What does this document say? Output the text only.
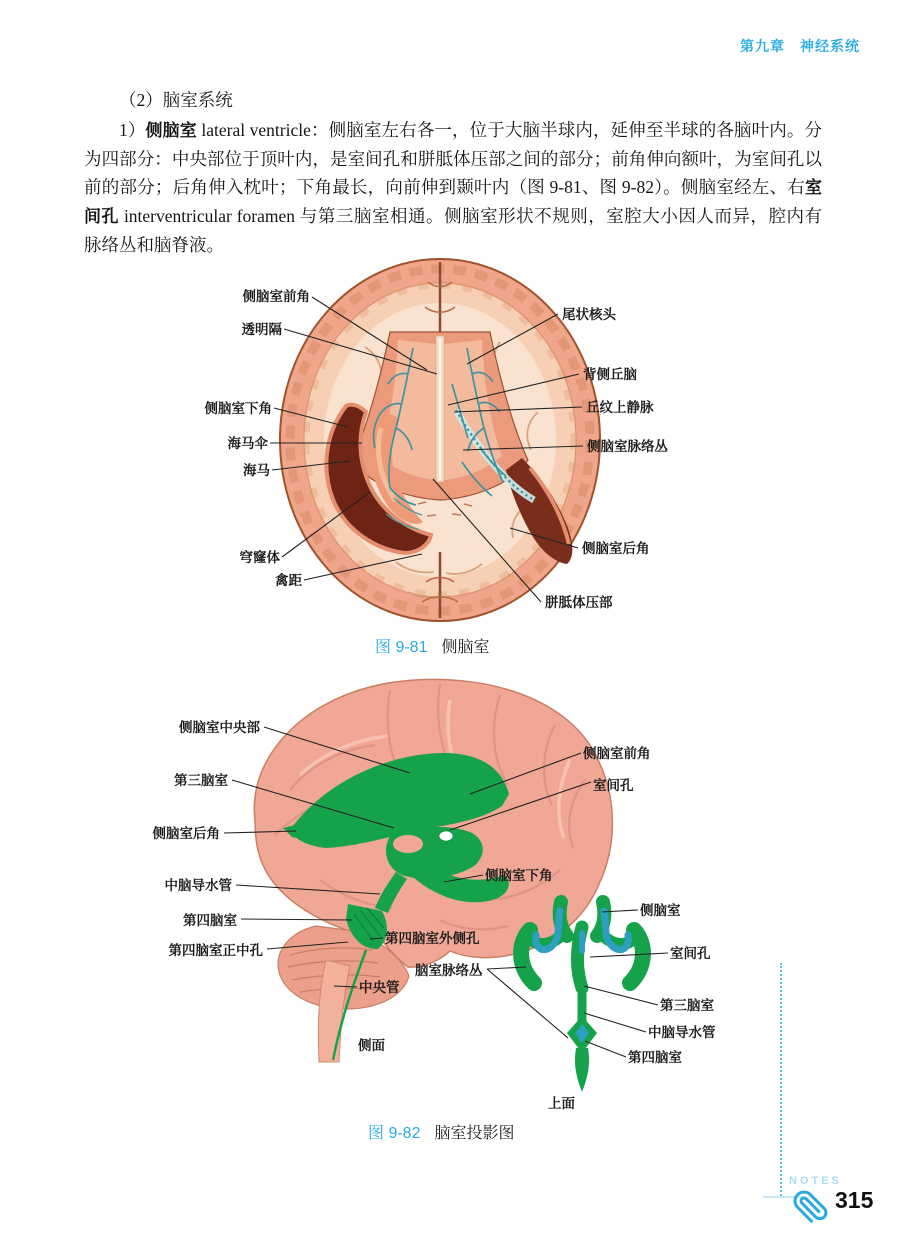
第九章　神经系统

（2）脑室系统

1）侧脑室 lateral ventricle：侧脑室左右各一，位于大脑半球内，延伸至半球的各脑叶内。分为四部分：中央部位于顶叶内，是室间孔和胼胝体压部之间的部分；前角伸向额叶，为室间孔以前的部分；后角伸入枕叶；下角最长，向前伸到颞叶内（图 9-81、图 9-82）。侧脑室经左、右室间孔 interventricular foramen 与第三脑室相通。侧脑室形状不规则，室腔大小因人而异，腔内有脉络丛和脑脊液。

侧脑室前角
透明隔
侧脑室下角
海马伞
海马
穹窿体
禽距
尾状核头
背侧丘脑
丘纹上静脉
侧脑室脉络丛
侧脑室后角
胼胝体压部
图 9-81 侧脑室
侧脑室中央部
第三脑室
侧脑室后角
中脑导水管
第四脑室
第四脑室正中孔
第四脑室外侧孔
脑室脉络丛
中央管
侧面
侧脑室前角
室间孔
侧脑室下角
侧脑室
室间孔
第三脑室
中脑导水管
第四脑室
上面
图 9-82 脑室投影图
NOTES
315
